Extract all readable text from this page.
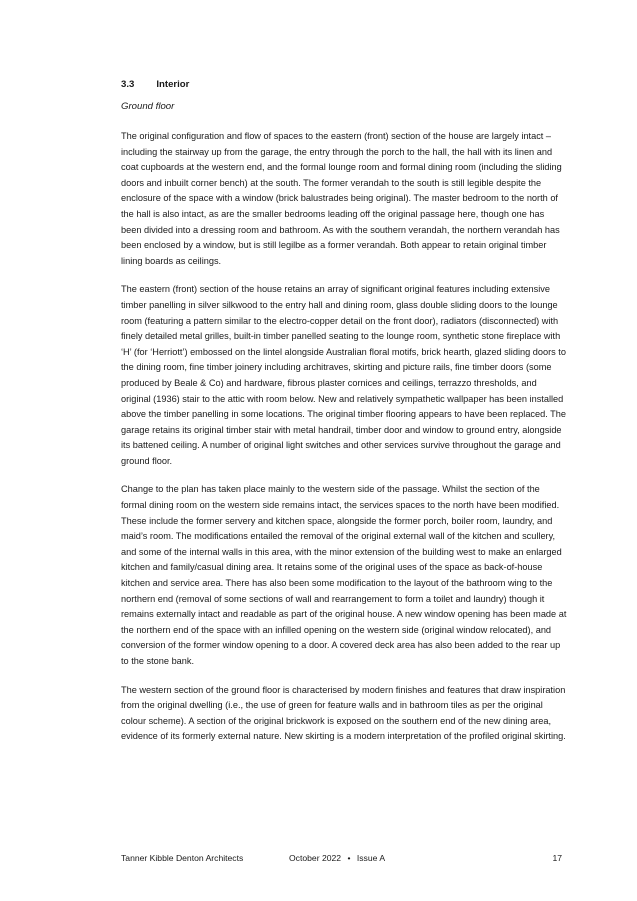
3.3 Interior
Ground floor

The original configuration and flow of spaces to the eastern (front) section of the house are largely intact – including the stairway up from the garage, the entry through the porch to the hall, the hall with its linen and coat cupboards at the western end, and the formal lounge room and formal dining room (including the sliding doors and inbuilt corner bench) at the south. The former verandah to the south is still legible despite the enclosure of the space with a window (brick balustrades being original). The master bedroom to the north of the hall is also intact, as are the smaller bedrooms leading off the original passage here, though one has been divided into a dressing room and bathroom. As with the southern verandah, the northern verandah has been enclosed by a window, but is still legilbe as a former verandah. Both appear to retain original timber lining boards as ceilings.

The eastern (front) section of the house retains an array of significant original features including extensive timber panelling in silver silkwood to the entry hall and dining room, glass double sliding doors to the lounge room (featuring a pattern similar to the electro-copper detail on the front door), radiators (disconnected) with finely detailed metal grilles, built-in timber panelled seating to the lounge room, synthetic stone fireplace with ‘H’ (for ‘Herriott’) embossed on the lintel alongside Australian floral motifs, brick hearth, glazed sliding doors to the dining room, fine timber joinery including architraves, skirting and picture rails, fine timber doors (some produced by Beale & Co) and hardware, fibrous plaster cornices and ceilings, terrazzo thresholds, and original (1936) stair to the attic with room below. New and relatively sympathetic wallpaper has been installed above the timber panelling in some locations. The original timber flooring appears to have been replaced. The garage retains its original timber stair with metal handrail, timber door and window to ground entry, alongside its battened ceiling. A number of original light switches and other services survive throughout the garage and ground floor.

Change to the plan has taken place mainly to the western side of the passage. Whilst the section of the formal dining room on the western side remains intact, the services spaces to the north have been modified. These include the former servery and kitchen space, alongside the former porch, boiler room, laundry, and maid’s room. The modifications entailed the removal of the original external wall of the kitchen and scullery, and some of the internal walls in this area, with the minor extension of the building west to make an enlarged kitchen and family/casual dining area. It retains some of the original uses of the space as back-of-house kitchen and service area. There has also been some modification to the layout of the bathroom wing to the northern end (removal of some sections of wall and rearrangement to form a toilet and laundry) though it remains externally intact and readable as part of the original house. A new window opening has been made at the northern end of the space with an infilled opening on the western side (original window relocated), and conversion of the former window opening to a door. A covered deck area has also been added to the rear up to the stone bank.

The western section of the ground floor is characterised by modern finishes and features that draw inspiration from the original dwelling (i.e., the use of green for feature walls and in bathroom tiles as per the original colour scheme). A section of the original brickwork is exposed on the southern end of the new dining area, evidence of its formerly external nature. New skirting is a modern interpretation of the profiled original skirting.

Tanner Kibble Denton Architects	October 2022 • Issue A	17
